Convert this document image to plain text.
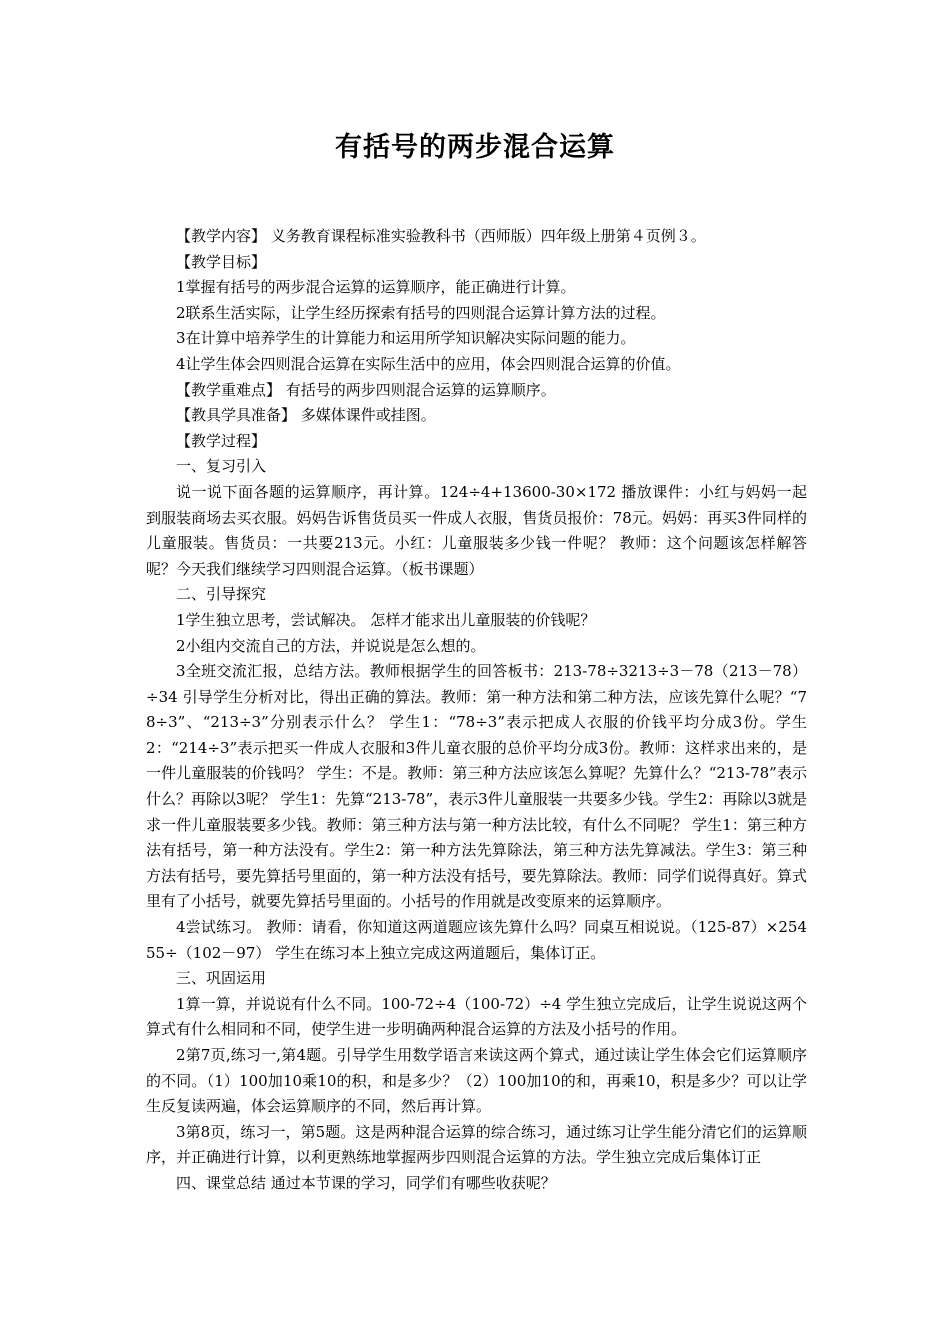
有括号的两步混合运算

【教学内容】 义务教育课程标准实验教科书（西师版）四年级上册第４页例３。

【教学目标】

1掌握有括号的两步混合运算的运算顺序，能正确进行计算。

2联系生活实际，让学生经历探索有括号的四则混合运算计算方法的过程。

3在计算中培养学生的计算能力和运用所学知识解决实际问题的能力。

4让学生体会四则混合运算在实际生活中的应用，体会四则混合运算的价值。

【教学重难点】 有括号的两步四则混合运算的运算顺序。

【教具学具准备】 多媒体课件或挂图。

【教学过程】

一、复习引入

说一说下面各题的运算顺序，再计算。124÷4+13600-30×172 播放课件：小红与妈妈一起到服装商场去买衣服。妈妈告诉售货员买一件成人衣服，售货员报价：78元。妈妈：再买3件同样的儿童服装。售货员：一共要213元。小红：儿童服装多少钱一件呢？ 教师：这个问题该怎样解答呢？今天我们继续学习四则混合运算。（板书课题）

二、引导探究

1学生独立思考，尝试解决。 怎样才能求出儿童服装的价钱呢？

2小组内交流自己的方法，并说说是怎么想的。

3全班交流汇报，总结方法。教师根据学生的回答板书：213-78÷3213÷3－78（213－78）÷34 引导学生分析对比，得出正确的算法。教师：第一种方法和第二种方法，应该先算什么呢？“78÷3”、“213÷3”分别表示什么？ 学生1：“78÷3”表示把成人衣服的价钱平均分成3份。学生2：“214÷3”表示把买一件成人衣服和3件儿童衣服的总价平均分成3份。教师：这样求出来的，是一件儿童服装的价钱吗？ 学生：不是。教师：第三种方法应该怎么算呢？先算什么？“213-78”表示什么？再除以3呢？ 学生1：先算“213-78”，表示3件儿童服装一共要多少钱。学生2：再除以3就是求一件儿童服装要多少钱。教师：第三种方法与第一种方法比较，有什么不同呢？ 学生1：第三种方法有括号，第一种方法没有。学生2：第一种方法先算除法，第三种方法先算减法。学生3：第三种方法有括号，要先算括号里面的，第一种方法没有括号，要先算除法。教师：同学们说得真好。算式里有了小括号，就要先算括号里面的。小括号的作用就是改变原来的运算顺序。

4尝试练习。 教师：请看，你知道这两道题应该先算什么吗？同桌互相说说。（125-87）×25455÷（102－97） 学生在练习本上独立完成这两道题后，集体订正。

三、巩固运用

1算一算，并说说有什么不同。100-72÷4（100-72）÷4 学生独立完成后，让学生说说这两个算式有什么相同和不同，使学生进一步明确两种混合运算的方法及小括号的作用。

2第7页,练习一,第4题。引导学生用数学语言来读这两个算式，通过读让学生体会它们运算顺序的不同。（1）100加10乘10的积，和是多少？（2）100加10的和，再乘10，积是多少？可以让学生反复读两遍，体会运算顺序的不同，然后再计算。

3第8页，练习一，第5题。这是两种混合运算的综合练习，通过练习让学生能分清它们的运算顺序，并正确进行计算，以利更熟练地掌握两步四则混合运算的方法。学生独立完成后集体订正

四、课堂总结 通过本节课的学习，同学们有哪些收获呢？
